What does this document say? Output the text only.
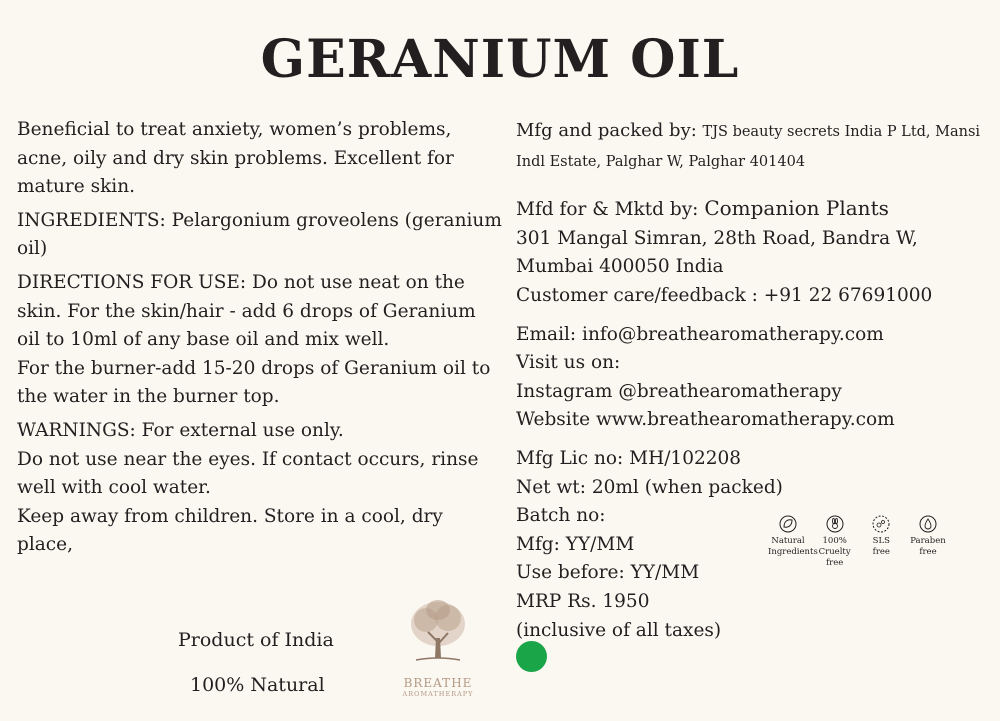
GERANIUM OIL

Beneficial to treat anxiety, women’s problems, acne, oily and dry skin problems. Excellent for mature skin.

INGREDIENTS: Pelargonium groveolens (geranium oil)

DIRECTIONS FOR USE: Do not use neat on the skin. For the skin/hair - add 6 drops of Geranium oil to 10ml of any base oil and mix well.

For the burner-add 15-20 drops of Geranium oil to the water in the burner top.

WARNINGS: For external use only.

Do not use near the eyes. If contact occurs, rinse well with cool water.

Keep away from children. Store in a cool, dry place,

Mfg and packed by: TJS beauty secrets India P Ltd, Mansi Indl Estate, Palghar W, Palghar 401404

Mfd for & Mktd by: Companion Plants

301 Mangal Simran, 28th Road, Bandra W,

Mumbai 400050 India

Customer care/feedback : +91 22 67691000

Email: info@breathearomatherapy.com

Visit us on:

Instagram @breathearomatherapy

Website www.breathearomatherapy.com

Mfg Lic no: MH/102208

Net wt: 20ml (when packed)

Batch no:

Mfg: YY/MM

Use before: YY/MM

MRP Rs. 1950

(inclusive of all taxes)

Natural
Ingredients
100% Cruelty
free
SLS
free
Paraben
free
Product of India
100% Natural	BREATHE
AROMATHERAPY
